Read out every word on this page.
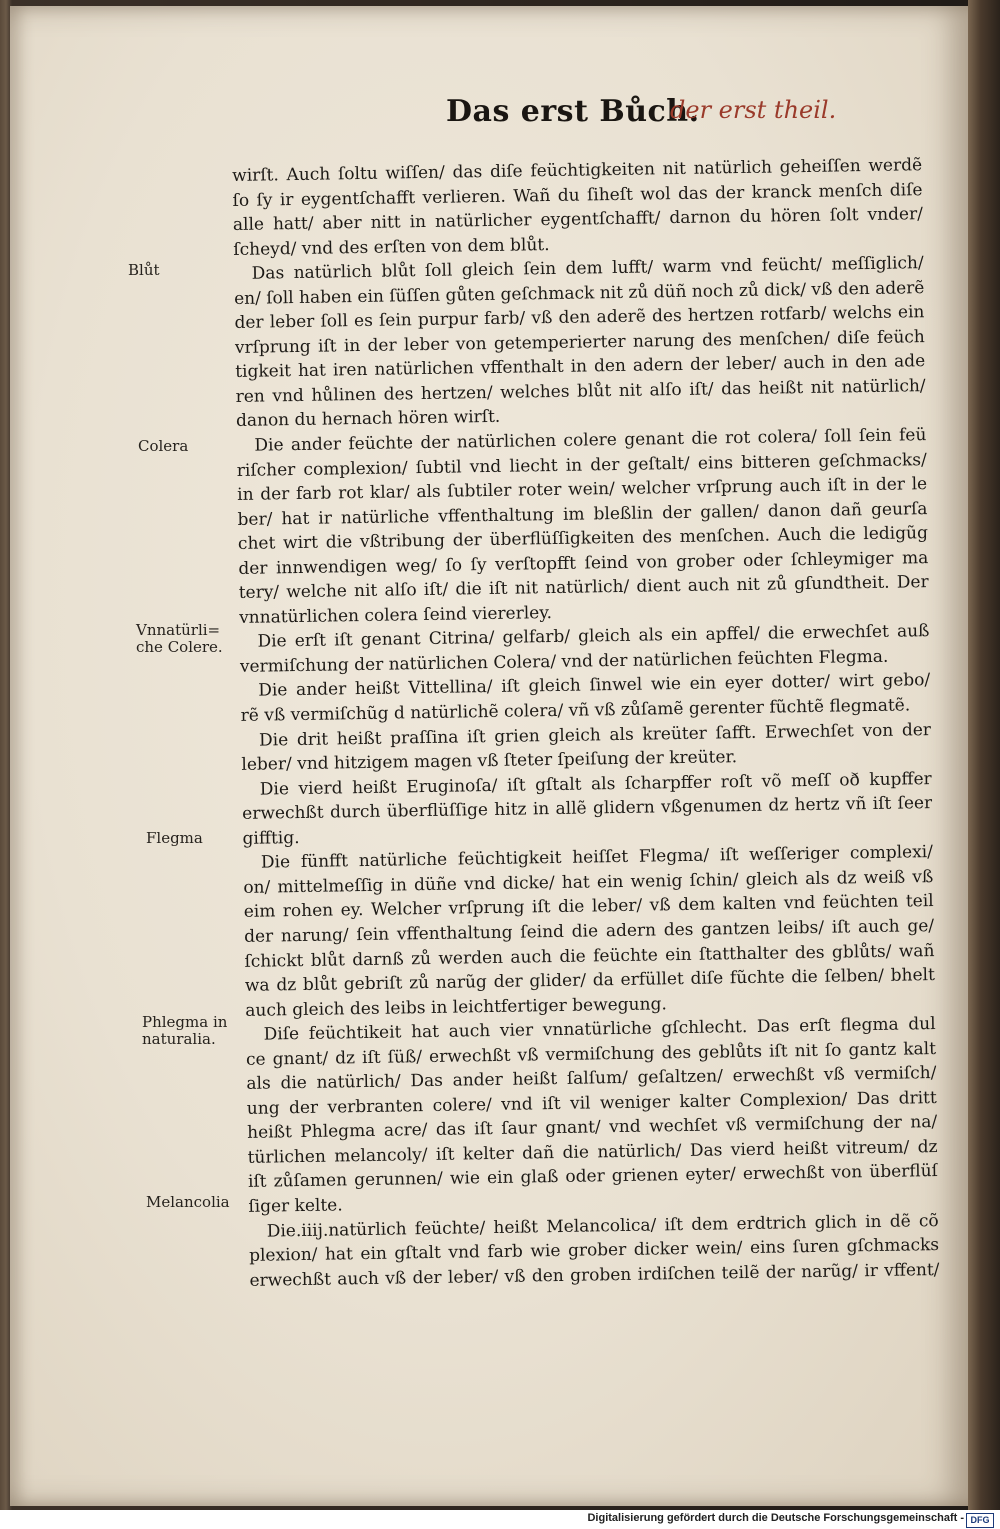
Das erst Bůch.
der erst theil.
Blůt
Colera
Vnnatürli=
che Colere.
Flegma
Phlegma in
naturalia.
Melancolia
wirſt. Auch ſoltu wiſſen/ das diſe feüchtigkeiten nit natürlich geheiſſen werdẽ
ſo ſy ir eygentſchafft verlieren. Wañ du ſiheſt wol das der kranck menſch diſe
alle hatt/ aber nitt in natürlicher eygentſchafft/ darnon du hören ſolt vnder/
ſcheyd/ vnd des erſten von dem blůt.
Das natürlich blůt ſoll gleich ſein dem lufft/ warm vnd feücht/ meſſiglich/
en/ ſoll haben ein ſüſſen gůten geſchmack nit zů düñ noch zů dick/ vß den aderẽ
der leber ſoll es ſein purpur farb/ vß den aderẽ des hertzen rotfarb/ welchs ein
vrſprung iſt in der leber von getemperierter narung des menſchen/ diſe feüch
tigkeit hat iren natürlichen vffenthalt in den adern der leber/ auch in den ade
ren vnd hůlinen des hertzen/ welches blůt nit alſo iſt/ das heißt nit natürlich/
danon du hernach hören wirſt.
Die ander feüchte der natürlichen colere genant die rot colera/ ſoll ſein feü
riſcher complexion/ ſubtil vnd liecht in der geſtalt/ eins bitteren geſchmacks/
in der farb rot klar/ als ſubtiler roter wein/ welcher vrſprung auch iſt in der le
ber/ hat ir natürliche vffenthaltung im bleßlin der gallen/ danon dañ geurſa
chet wirt die vßtribung der überflüſſigkeiten des menſchen. Auch die ledigũg
der innwendigen weg/ ſo ſy verſtopfft ſeind von grober oder ſchleymiger ma
tery/ welche nit alſo iſt/ die iſt nit natürlich/ dient auch nit zů gſundtheit. Der
vnnatürlichen colera ſeind viererley.
Die erſt iſt genant Citrina/ gelfarb/ gleich als ein apffel/ die erwechſet auß
vermiſchung der natürlichen Colera/ vnd der natürlichen feüchten Flegma.
Die ander heißt Vittellina/ iſt gleich ſinwel wie ein eyer dotter/ wirt gebo/
rẽ vß vermiſchũg d natürlichẽ colera/ vñ vß zůſamẽ gerenter fũchtẽ flegmatẽ.
Die drit heißt praſſina iſt grien gleich als kreüter ſafft. Erwechſet von der
leber/ vnd hitzigem magen vß ſteter ſpeiſung der kreüter.
Die vierd heißt Eruginoſa/ iſt gſtalt als ſcharpffer roſt võ meſſ oð kupffer
erwechßt durch überflüſſige hitz in allẽ glidern vßgenumen dz hertz vñ iſt ſeer
gifftig.
Die fünfft natürliche feüchtigkeit heiſſet Flegma/ iſt weſſeriger complexi/
on/ mittelmeſſig in düñe vnd dicke/ hat ein wenig ſchin/ gleich als dz weiß vß
eim rohen ey. Welcher vrſprung iſt die leber/ vß dem kalten vnd feüchten teil
der narung/ ſein vffenthaltung ſeind die adern des gantzen leibs/ iſt auch ge/
ſchickt blůt darnß zů werden auch die feüchte ein ſtatthalter des gblůts/ wañ
wa dz blůt gebriſt zů narũg der glider/ da erfüllet diſe fũchte die ſelben/ bhelt
auch gleich des leibs in leichtfertiger bewegung.
Diſe feüchtikeit hat auch vier vnnatürliche gſchlecht. Das erſt flegma dul
ce gnant/ dz iſt ſüß/ erwechßt vß vermiſchung des geblůts iſt nit ſo gantz kalt
als die natürlich/ Das ander heißt ſalſum/ geſaltzen/ erwechßt vß vermiſch/
ung der verbranten colere/ vnd iſt vil weniger kalter Complexion/ Das dritt
heißt Phlegma acre/ das iſt ſaur gnant/ vnd wechſet vß vermiſchung der na/
türlichen melancoly/ iſt kelter dañ die natürlich/ Das vierd heißt vitreum/ dz
iſt zůſamen gerunnen/ wie ein glaß oder grienen eyter/ erwechßt von überflüſ
ſiger kelte.
Die.iiij.natürlich feüchte/ heißt Melancolica/ iſt dem erdtrich glich in dẽ cõ
plexion/ hat ein gſtalt vnd farb wie grober dicker wein/ eins ſuren gſchmacks
erwechßt auch vß der leber/ vß den groben irdiſchen teilẽ der narũg/ ir vffent/
Digitalisierung gefördert durch die Deutsche Forschungsgemeinschaft - DFG
